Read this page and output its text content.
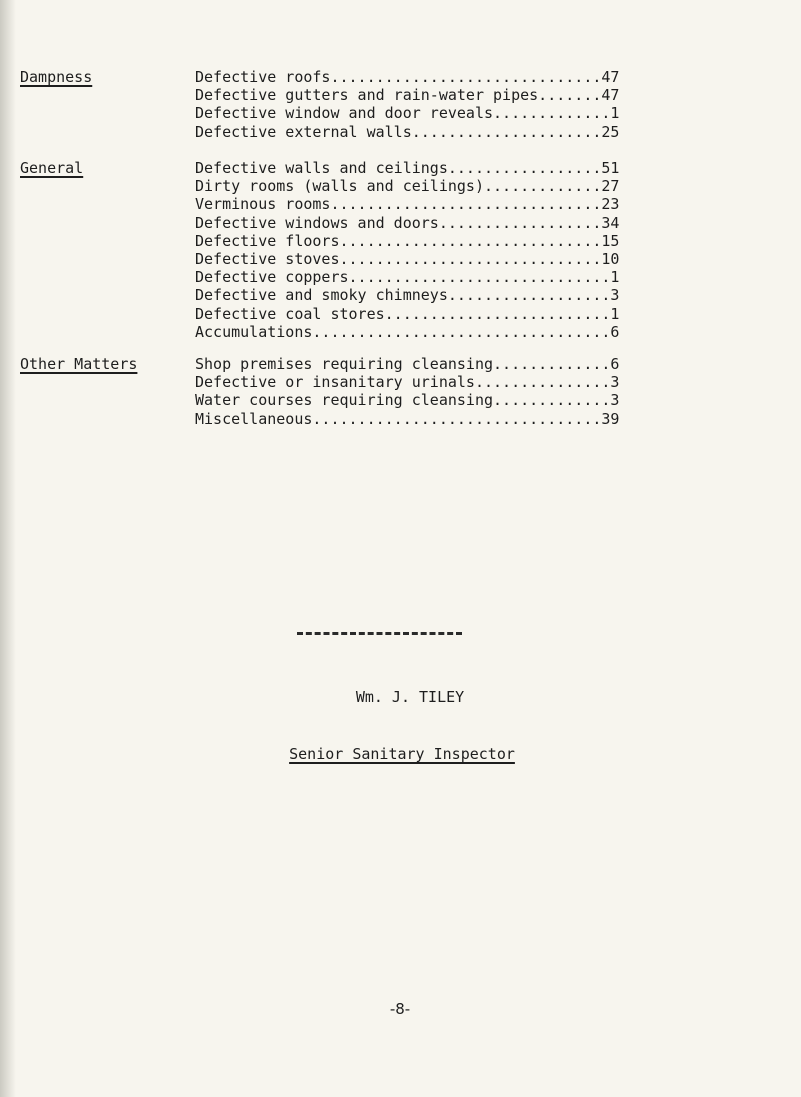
Dampness	Defective roofs..............................47
Defective gutters and rain-water pipes.......47
Defective window and door reveals.............1
Defective external walls.....................25
General	Defective walls and ceilings.................51
Dirty rooms (walls and ceilings).............27
Verminous rooms..............................23
Defective windows and doors..................34
Defective floors.............................15
Defective stoves.............................10
Defective coppers.............................1
Defective and smoky chimneys..................3
Defective coal stores.........................1
Accumulations.................................6
Other Matters	Shop premises requiring cleansing.............6
Defective or insanitary urinals...............3
Water courses requiring cleansing.............3
Miscellaneous................................39
Wm. J. TILEY
Senior Sanitary Inspector
-8-
